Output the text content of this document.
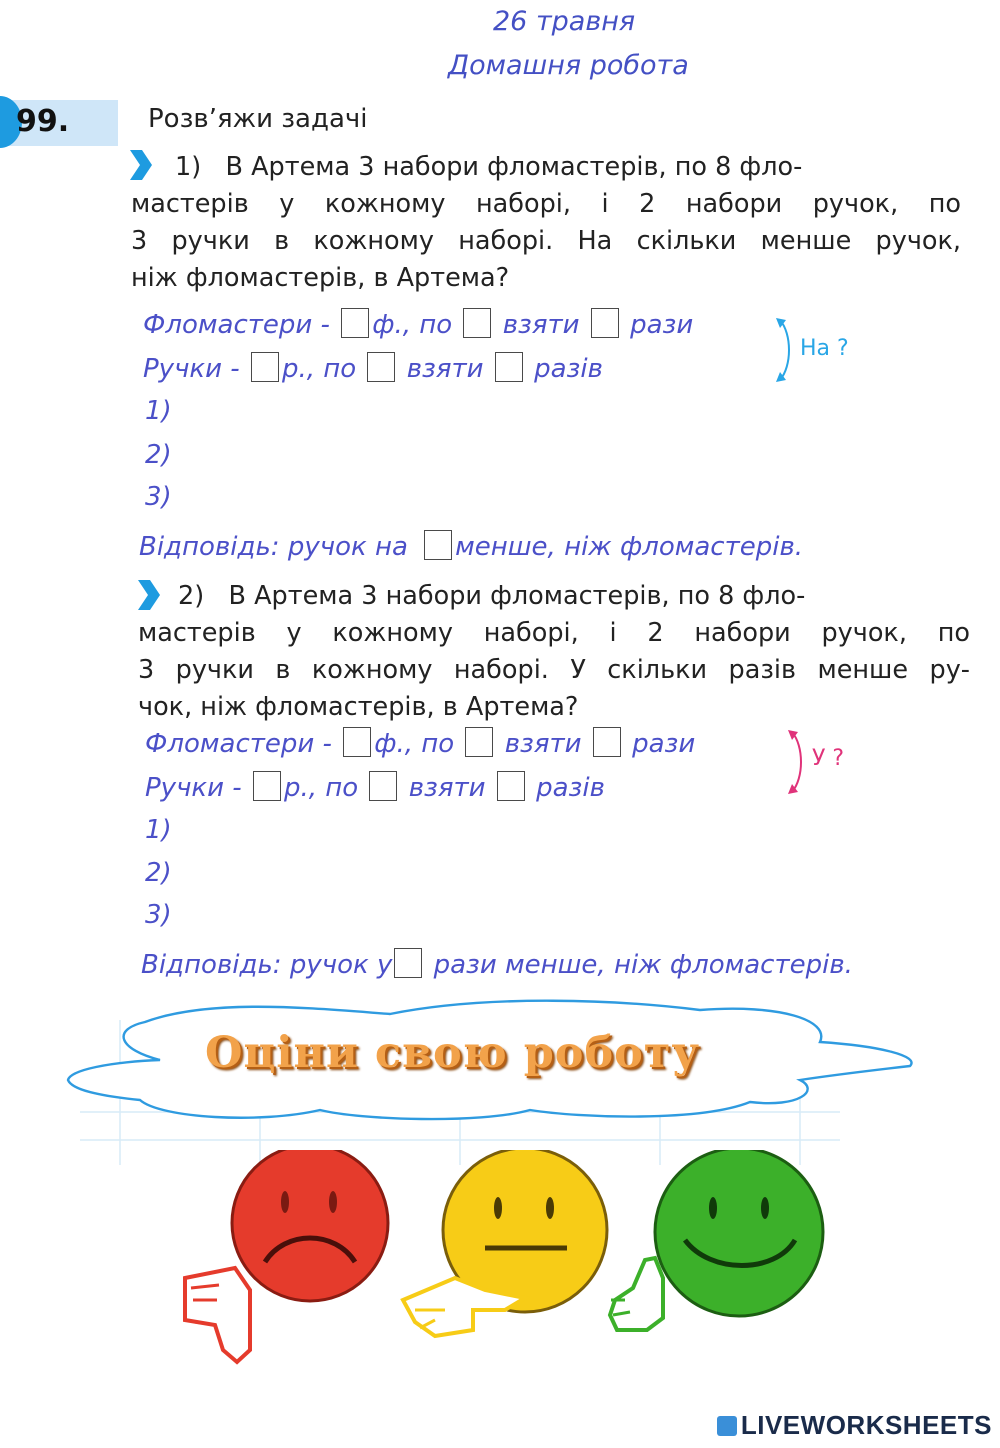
26 травня
Домашня робота
99.	Розв’яжи задачі
1) В Артема 3 набори фломастерів, по 8 фло-
мастерів у кожному наборі, і 2 набори ручок, по
3 ручки в кожному наборі. На скільки менше ручок,
ніж фломастерів, в Артема?
Фломастери - ф., по взяти рази
Ручки - р., по взяти разів
На ?
1)
2)
3)
Відповідь: ручок на менше, ніж фломастерів.
2) В Артема 3 набори фломастерів, по 8 фло-
мастерів у кожному наборі, і 2 набори ручок, по
3 ручки в кожному наборі. У скільки разів менше ру-
чок, ніж фломастерів, в Артема?
Фломастери - ф., по взяти рази
Ручки - р., по взяти разів
У ?
1)
2)
3)
Відповідь: ручок у рази менше, ніж фломастерів.
Оціни свою роботу
LIVEWORKSHEETS
